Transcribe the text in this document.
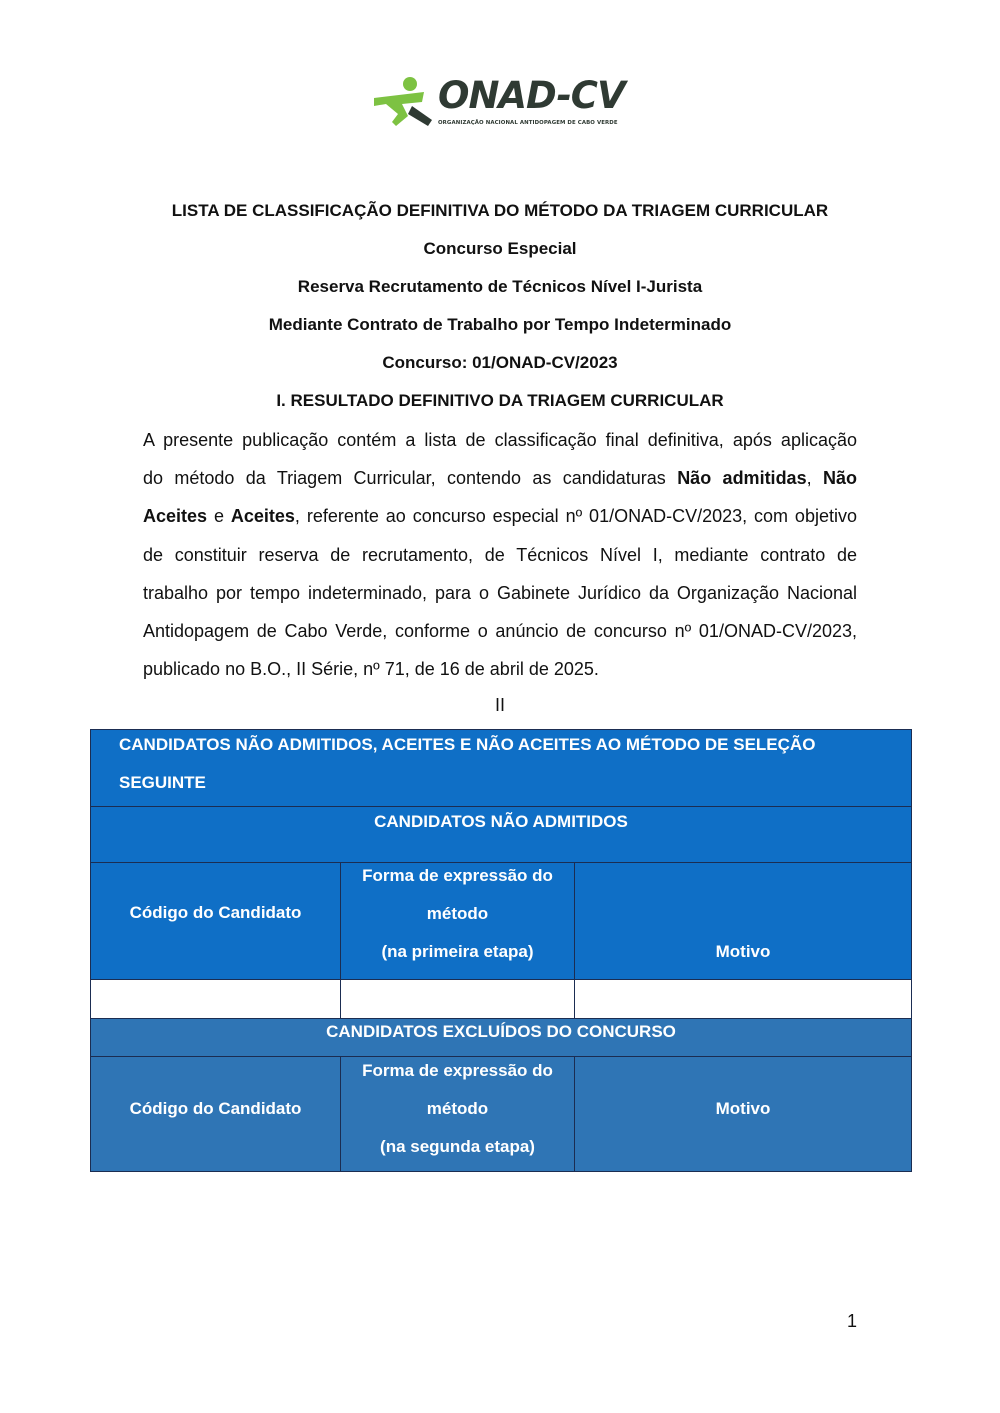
ONAD-CV
ORGANIZAÇÃO NACIONAL ANTIDOPAGEM DE CABO VERDE
LISTA DE CLASSIFICAÇÃO DEFINITIVA DO MÉTODO DA TRIAGEM CURRICULAR
Concurso Especial
Reserva Recrutamento de Técnicos Nível I-Jurista
Mediante Contrato de Trabalho por Tempo Indeterminado
Concurso: 01/ONAD-CV/2023
I. RESULTADO DEFINITIVO DA TRIAGEM CURRICULAR
A presente publicação contém a lista de classificação final definitiva, após aplicação
do método da Triagem Curricular, contendo as candidaturas Não admitidas, Não
Aceites e Aceites, referente ao concurso especial nº 01/ONAD-CV/2023, com objetivo
de constituir reserva de recrutamento, de Técnicos Nível I, mediante contrato de
trabalho por tempo indeterminado, para o Gabinete Jurídico da Organização Nacional
Antidopagem de Cabo Verde, conforme o anúncio de concurso nº 01/ONAD-CV/2023,
publicado no B.O., II Série, nº 71, de 16 de abril de 2025.
II
CANDIDATOS NÃO ADMITIDOS, ACEITES E NÃO ACEITES AO MÉTODO DE SELEÇÃO
SEGUINTE
CANDIDATOS NÃO ADMITIDOS
Código do Candidato
Forma de expressão do
método
(na primeira etapa)	Motivo
CANDIDATOS EXCLUÍDOS DO CONCURSO
Código do Candidato
Forma de expressão do
método
(na segunda etapa)
Motivo
1
